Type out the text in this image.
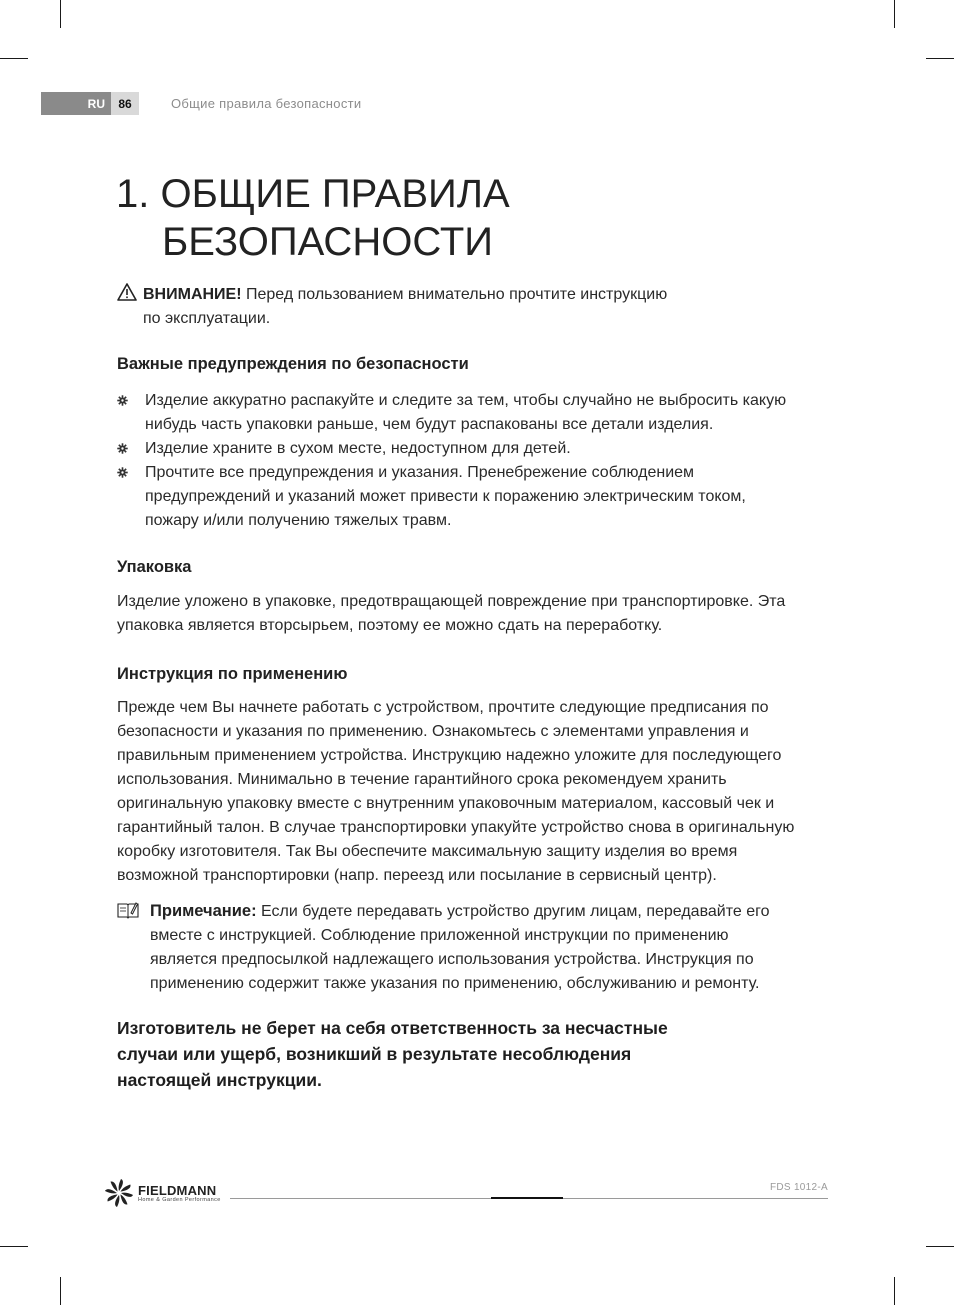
RU	86	Общие правила безопасности
1. ОБЩИЕ ПРАВИЛА
БЕЗОПАСНОСТИ
ВНИМАНИЕ! Перед пользованием внимательно прочтите инструкцию
по эксплуатации.
Важные предупреждения по безопасности
Изделие аккуратно распакуйте и следите за тем, чтобы случайно не выбросить какую
нибудь часть упаковки раньше, чем будут распакованы все детали изделия.
Изделие храните в сухом месте, недоступном для детей.
Прочтите все предупреждения и указания. Пренебрежение соблюдением
предупреждений и указаний может привести к поражению электрическим током,
пожару и/или получению тяжелых травм.
Упаковка

Изделие уложено в упаковке, предотвращающей повреждение при транспортировке. Эта
упаковка является вторсырьем, поэтому ее можно сдать на переработку.

Инструкция по применению

Прежде чем Вы начнете работать с устройством, прочтите следующие предписания по
безопасности и указания по применению. Ознакомьтесь с элементами управления и
правильным применением устройства. Инструкцию надежно уложите для последующего
использования. Минимально в течение гарантийного срока рекомендуем хранить
оригинальную упаковку вместе с внутренним упаковочным материалом, кассовый чек и
гарантийный талон. В случае транспортировки упакуйте устройство снова в оригинальную
коробку изготовителя. Так Вы обеспечите максимальную защиту изделия во время
возможной транспортировки (напр. переезд или посылание в сервисный центр).

Примечание: Если будете передавать устройство другим лицам, передавайте его
вместе с инструкцией. Соблюдение приложенной инструкции по применению
является предпосылкой надлежащего использования устройства. Инструкция по
применению содержит также указания по применению, обслуживанию и ремонту.
Изготовитель не берет на себя ответственность за несчастные
случаи или ущерб, возникший в результате несоблюдения
настоящей инструкции.
FIELDMANN
Home & Garden Performance
FDS 1012-A
